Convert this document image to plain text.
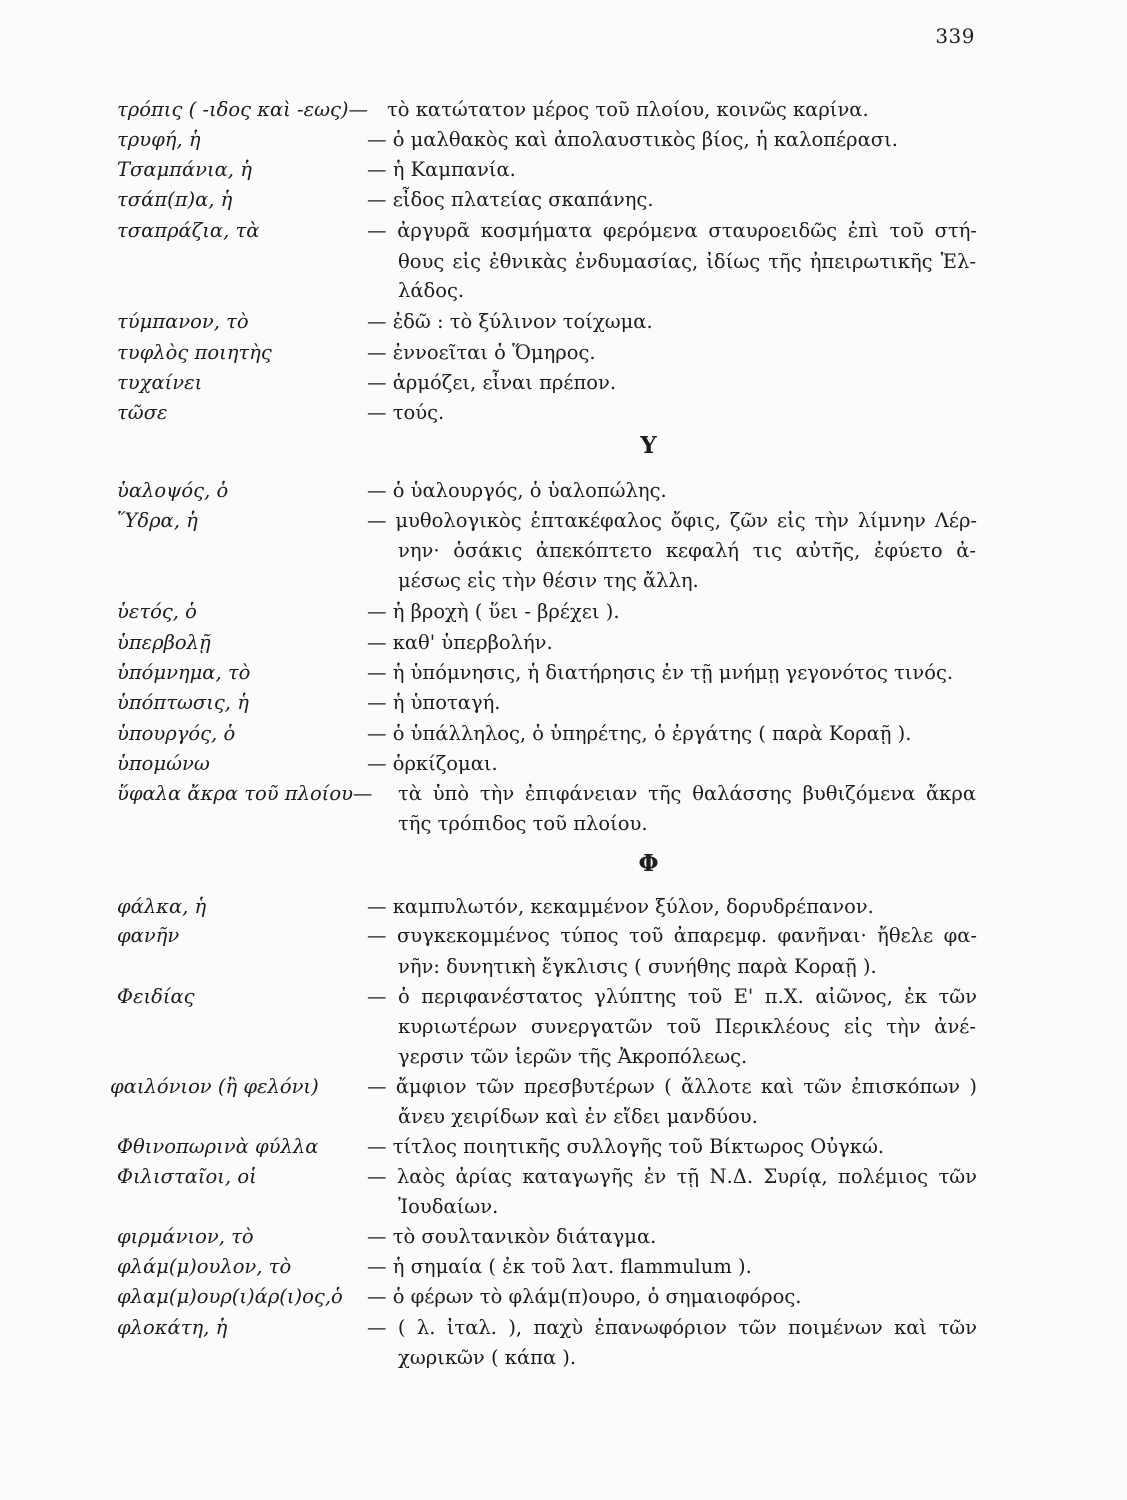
339
τρόπις ( -ιδος καὶ -εως)— τὸ κατώτατον μέρος τοῦ πλοίου, κοινῶς καρίνα.
τρυφή, ἡ	— ὁ μαλθακὸς καὶ ἀπολαυστικὸς βίος, ἡ καλοπέρασι.
Τσαμπάνια, ἡ	— ἡ Καμπανία.
τσάπ(π)α, ἡ	— εἶδος πλατείας σκαπάνης.
τσαπράζια, τὰ	— ἀργυρᾶ κοσμήματα φερόμενα σταυροειδῶς ἐπὶ τοῦ στή-
θους εἰς ἐθνικὰς ἐνδυμασίας, ἰδίως τῆς ἠπειρωτικῆς Ἑλ-
λάδος.
τύμπανον, τὸ	— ἐδῶ : τὸ ξύλινον τοίχωμα.
τυφλὸς ποιητὴς	— ἐννοεῖται ὁ Ὅμηρος.
τυχαίνει	— ἁρμόζει, εἶναι πρέπον.
τῶσε	— τούς.
Υ
ὑαλοψός, ὁ	— ὁ ὑαλουργός, ὁ ὑαλοπώλης.
Ὕδρα, ἡ	— μυθολογικὸς ἑπτακέφαλος ὄφις, ζῶν εἰς τὴν λίμνην Λέρ-
νην· ὁσάκις ἀπεκόπτετο κεφαλή τις αὐτῆς, ἐφύετο ἀ-
μέσως εἰς τὴν θέσιν της ἄλλη.
ὑετός, ὁ	— ἡ βροχὴ ( ὕει - βρέχει ).
ὑπερβολῇ	— καθ' ὑπερβολήν.
ὑπόμνημα, τὸ	— ἡ ὑπόμνησις, ἡ διατήρησις ἐν τῇ μνήμῃ γεγονότος τινός.
ὑπόπτωσις, ἡ	— ἡ ὑποταγή.
ὑπουργός, ὁ	— ὁ ὑπάλληλος, ὁ ὑπηρέτης, ὁ ἐργάτης ( παρὰ Κοραῇ ).
ὑπομώνω	— ὁρκίζομαι.
ὕφαλα ἄκρα τοῦ πλοίου— τὰ ὑπὸ τὴν ἐπιφάνειαν τῆς θαλάσσης βυθιζόμενα ἄκρα
τῆς τρόπιδος τοῦ πλοίου.
Φ
φάλκα, ἡ	— καμπυλωτόν, κεκαμμένον ξύλον, δορυδρέπανον.
φανῆν	— συγκεκομμένος τύπος τοῦ ἀπαρεμφ. φανῆναι· ἤθελε φα-
νῆν: δυνητικὴ ἔγκλισις ( συνήθης παρὰ Κοραῇ ).
Φειδίας	— ὁ περιφανέστατος γλύπτης τοῦ Ε' π.Χ. αἰῶνος, ἐκ τῶν
κυριωτέρων συνεργατῶν τοῦ Περικλέους εἰς τὴν ἀνέ-
γερσιν τῶν ἱερῶν τῆς Ἀκροπόλεως.
φαιλόνιον (ἢ φελόνι) — ἄμφιον τῶν πρεσβυτέρων ( ἄλλοτε καὶ τῶν ἐπισκόπων )
ἄνευ χειρίδων καὶ ἐν εἴδει μανδύου.
Φθινοπωρινὰ φύλλα — τίτλος ποιητικῆς συλλογῆς τοῦ Βίκτωρος Οὐγκώ.
Φιλισταῖοι, οἱ	— λαὸς ἀρίας καταγωγῆς ἐν τῇ Ν.Δ. Συρίᾳ, πολέμιος τῶν
Ἰουδαίων.
φιρμάνιον, τὸ	— τὸ σουλτανικὸν διάταγμα.
φλάμ(μ)ουλον, τὸ	— ἡ σημαία ( ἐκ τοῦ λατ. flammulum ).
φλαμ(μ)ουρ(ι)άρ(ι)ος,ὁ — ὁ φέρων τὸ φλάμ(π)ουρο, ὁ σημαιοφόρος.
φλοκάτη, ἡ	— ( λ. ἰταλ. ), παχὺ ἐπανωφόριον τῶν ποιμένων καὶ τῶν
χωρικῶν ( κάπα ).
